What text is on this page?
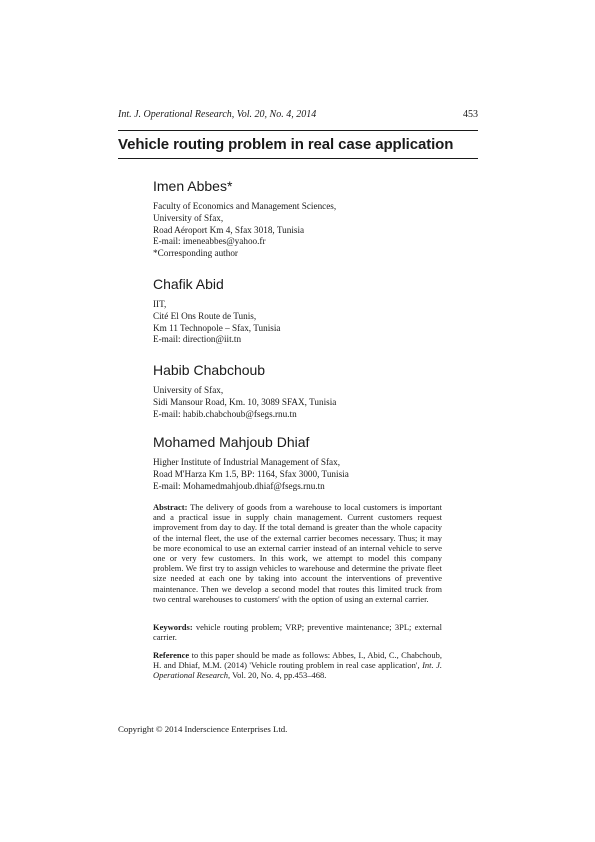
Int. J. Operational Research, Vol. 20, No. 4, 2014	453
Vehicle routing problem in real case application
Imen Abbes*
Faculty of Economics and Management Sciences,
University of Sfax,
Road Aéroport Km 4, Sfax 3018, Tunisia
E-mail: imeneabbes@yahoo.fr
*Corresponding author
Chafik Abid
IIT,
Cité El Ons Route de Tunis,
Km 11 Technopole – Sfax, Tunisia
E-mail: direction@iit.tn
Habib Chabchoub
University of Sfax,
Sidi Mansour Road, Km. 10, 3089 SFAX, Tunisia
E-mail: habib.chabchoub@fsegs.rnu.tn
Mohamed Mahjoub Dhiaf
Higher Institute of Industrial Management of Sfax,
Road M'Harza Km 1.5, BP: 1164, Sfax 3000, Tunisia
E-mail: Mohamedmahjoub.dhiaf@fsegs.rnu.tn
Abstract: The delivery of goods from a warehouse to local customers is important and a practical issue in supply chain management. Current customers request improvement from day to day. If the total demand is greater than the whole capacity of the internal fleet, the use of the external carrier becomes necessary. Thus; it may be more economical to use an external carrier instead of an internal vehicle to serve one or very few customers. In this work, we attempt to model this company problem. We first try to assign vehicles to warehouse and determine the private fleet size needed at each one by taking into account the interventions of preventive maintenance. Then we develop a second model that routes this limited truck from two central warehouses to customers' with the option of using an external carrier.
Keywords: vehicle routing problem; VRP; preventive maintenance; 3PL; external carrier.
Reference to this paper should be made as follows: Abbes, I., Abid, C., Chabchoub, H. and Dhiaf, M.M. (2014) 'Vehicle routing problem in real case application', Int. J. Operational Research, Vol. 20, No. 4, pp.453–468.
Copyright © 2014 Inderscience Enterprises Ltd.
